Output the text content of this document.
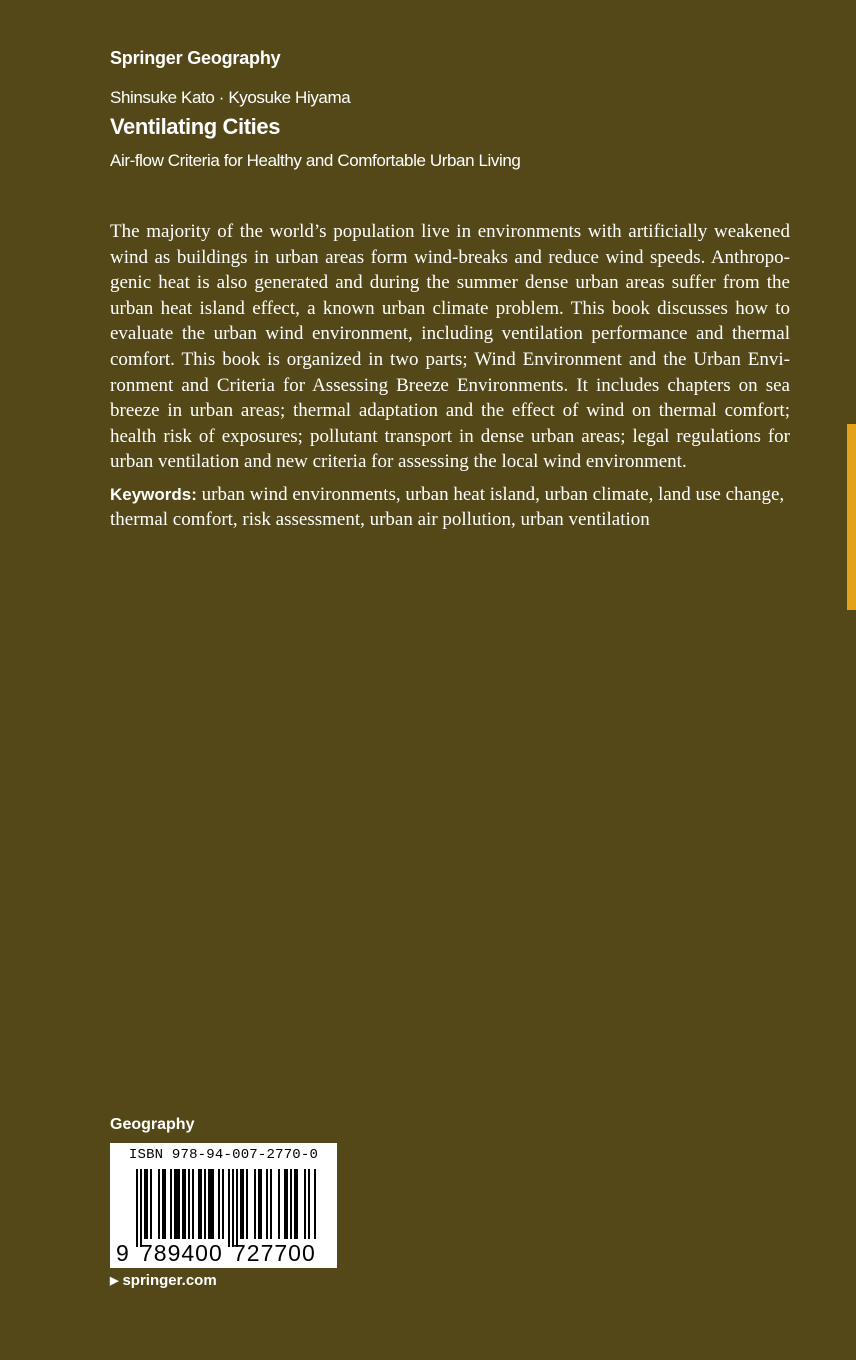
Springer Geography
Shinsuke Kato · Kyosuke Hiyama
Ventilating Cities
Air-flow Criteria for Healthy and Comfortable Urban Living

The majority of the world’s population live in environments with artificially weakened wind as buildings in urban areas form wind-breaks and reduce wind speeds. Anthropogenic heat is also generated and during the summer dense urban areas suffer from the urban heat island effect, a known urban climate problem. This book discusses how to evaluate the urban wind environment, including ventilation performance and thermal comfort. This book is organized in two parts; Wind Environment and the Urban Environment and Criteria for Assessing Breeze Environments. It includes chapters on sea breeze in urban areas; thermal adaptation and the effect of wind on thermal comfort; health risk of exposures; pollutant transport in dense urban areas; legal regulations for urban ventilation and new criteria for assessing the local wind environment.

Keywords: urban wind environments, urban heat island, urban climate, land use change, thermal comfort, risk assessment, urban air pollution, urban ventilation

Geography
ISBN 978-94-007-2770-0
9 789400 727700
▶ springer.com
